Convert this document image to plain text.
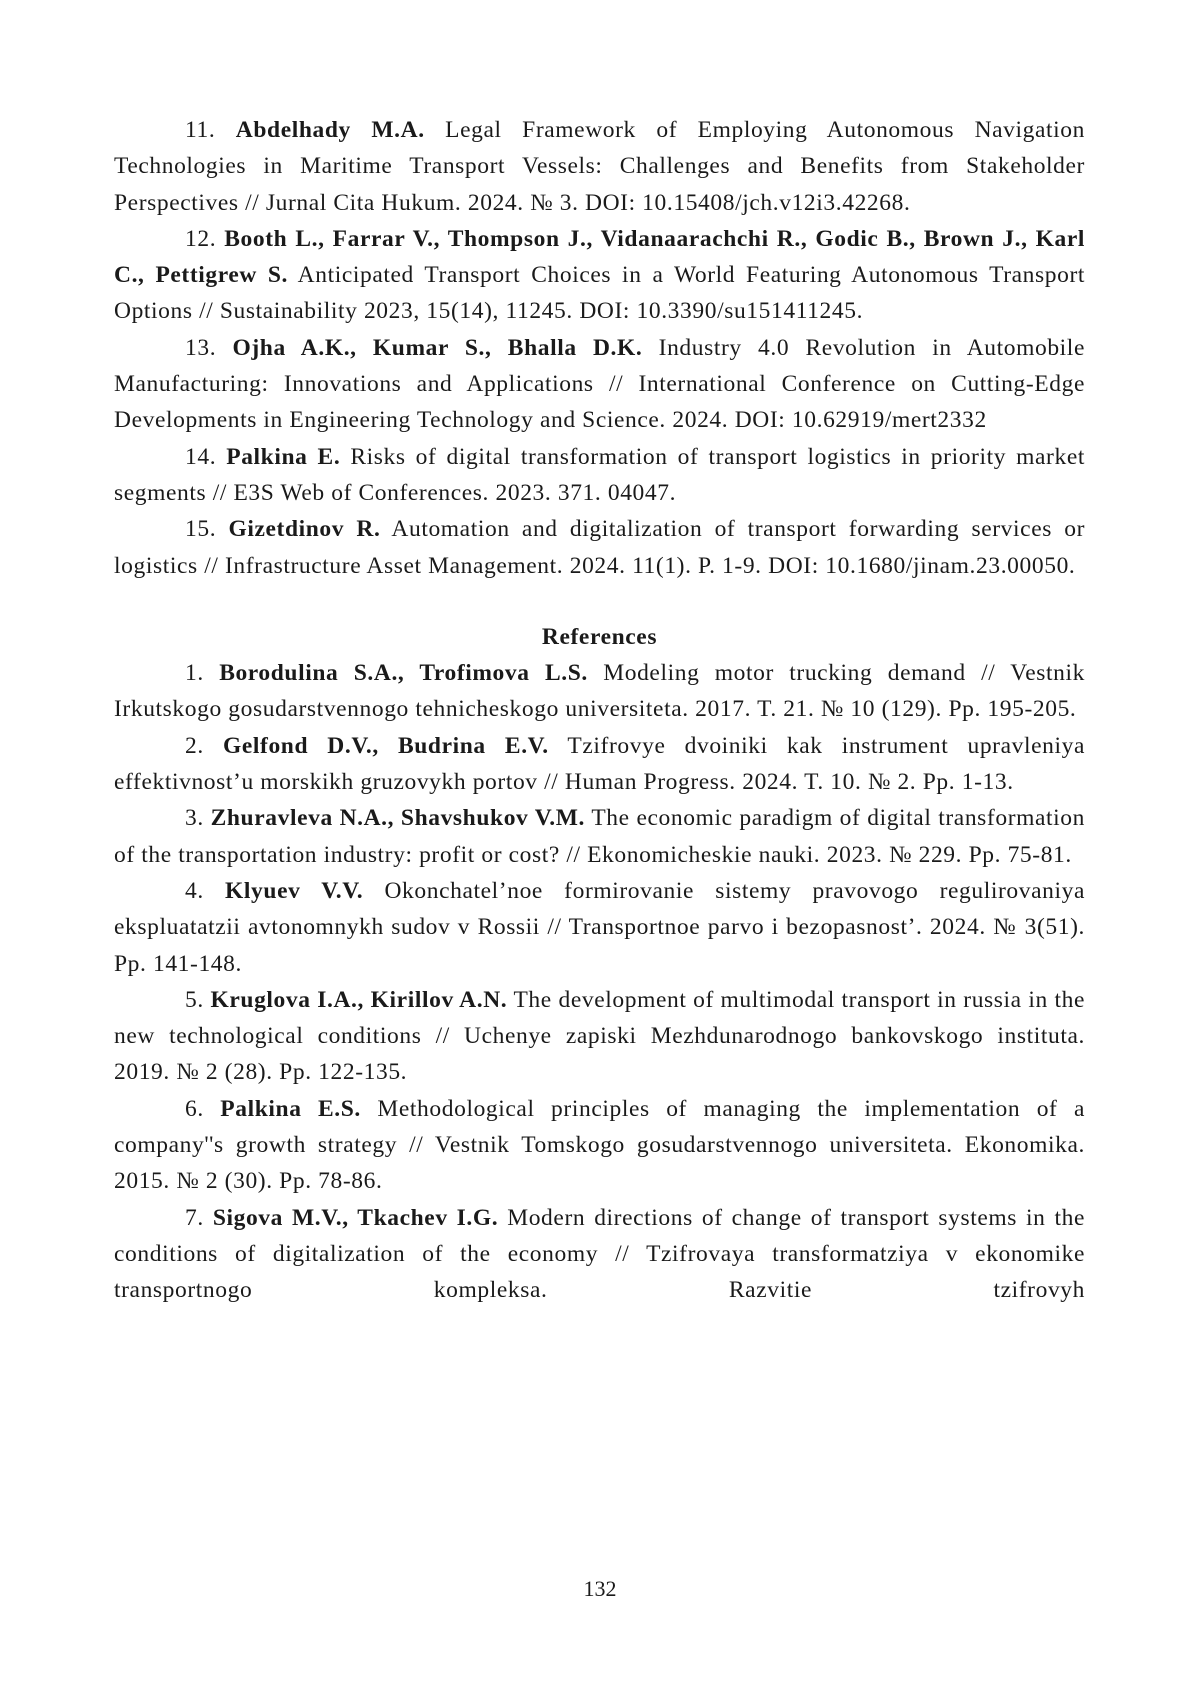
11. Abdelhady M.A. Legal Framework of Employing Autonomous Navigation Technologies in Maritime Transport Vessels: Challenges and Benefits from Stakeholder Perspectives // Jurnal Cita Hukum. 2024. № 3. DOI: 10.15408/jch.v12i3.42268.

12. Booth L., Farrar V., Thompson J., Vidanaarachchi R., Godic B., Brown J., Karl C., Pettigrew S. Anticipated Transport Choices in a World Featuring Autonomous Transport Options // Sustainability 2023, 15(14), 11245. DOI: 10.3390/su151411245.

13. Ojha A.K., Kumar S., Bhalla D.K. Industry 4.0 Revolution in Automobile Manufacturing: Innovations and Applications // International Conference on Cutting-Edge Developments in Engineering Technology and Science. 2024. DOI: 10.62919/mert2332

14. Palkina E. Risks of digital transformation of transport logistics in priority market segments // E3S Web of Conferences. 2023. 371. 04047.

15. Gizetdinov R. Automation and digitalization of transport forwarding services or logistics // Infrastructure Asset Management. 2024. 11(1). P. 1-9. DOI: 10.1680/jinam.23.00050.

References

1. Borodulina S.A., Trofimova L.S. Modeling motor trucking demand // Vestnik Irkutskogo gosudarstvennogo tehnicheskogo universiteta. 2017. T. 21. № 10 (129). Pp. 195-205.

2. Gelfond D.V., Budrina E.V. Tzifrovye dvoiniki kak instrument upravleniya effektivnost’u morskikh gruzovykh portov // Human Progress. 2024. T. 10. № 2. Pp. 1-13.

3. Zhuravleva N.A., Shavshukov V.M. The economic paradigm of digital transformation of the transportation industry: profit or cost? // Ekonomicheskie nauki. 2023. № 229. Pp. 75-81.

4. Klyuev V.V. Okonchatel’noe formirovanie sistemy pravovogo regulirovaniya ekspluatatzii avtonomnykh sudov v Rossii // Transportnoe parvo i bezopasnost’. 2024. № 3(51). Pp. 141-148.

5. Kruglova I.A., Kirillov A.N. The development of multimodal transport in russia in the new technological conditions // Uchenye zapiski Mezhdunarodnogo bankovskogo instituta. 2019. № 2 (28). Pp. 122-135.

6. Palkina E.S. Methodological principles of managing the implementation of a company''s growth strategy // Vestnik Tomskogo gosudarstvennogo universiteta. Ekonomika. 2015. № 2 (30). Pp. 78-86.

7. Sigova M.V., Tkachev I.G. Modern directions of change of transport systems in the conditions of digitalization of the economy // Tzifrovaya transformatziya v ekonomike transportnogo kompleksa. Razvitie tzifrovyh

132
